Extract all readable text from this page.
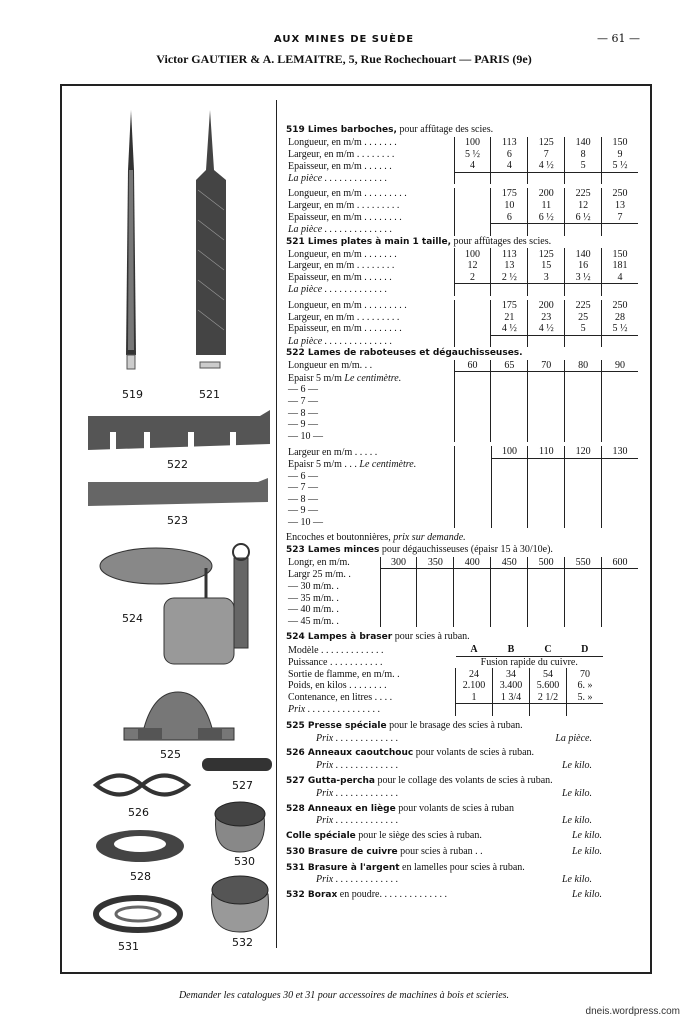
AUX MINES DE SUÈDE	— 61 —
Victor GAUTIER & A. LEMAITRE, 5, Rue Rochechouart — PARIS (9e)
519	521
522
523
524
525
527
526
530
528
531	532
519 Limes barboches, pour affûtage des scies.
Longueur, en m/m . . . . . . .	100	113	125	140	150
Largeur, en m/m . . . . . . . .	5 ½	6	7	8	9
Epaisseur, en m/m . . . . . .	4	4	4 ½	5	5 ½
La pièce . . . . . . . . . . . . .					
Longueur, en m/m . . . . . . . . .		175	200	225	250
Largeur, en m/m . . . . . . . . .		10	11	12	13
Epaisseur, en m/m . . . . . . . .		6	6 ½	6 ½	7
La pièce . . . . . . . . . . . . . .					
521 Limes plates à main 1 taille, pour affûtages des scies.
Longueur, en m/m . . . . . . .	100	113	125	140	150
Largeur, en m/m . . . . . . . .	12	13	15	16	181
Epaisseur, en m/m . . . . . .	2	2 ½	3	3 ½	4
La pièce . . . . . . . . . . . . .					
Longueur, en m/m . . . . . . . . .		175	200	225	250
Largeur, en m/m . . . . . . . . .		21	23	25	28
Epaisseur, en m/m . . . . . . . .		4 ½	4 ½	5	5 ½
La pièce . . . . . . . . . . . . . .					
522 Lames de raboteuses et dégauchisseuses.
Longueur en m/m. . .	60	65	70	80	90
Epaisr 5 m/m Le centimètre.					
— 6 —					
— 7 —					
— 8 —					
— 9 —					
— 10 —					
Largeur en m/m . . . . .		100	110	120	130
Epaisr 5 m/m . . . Le centimètre.					
— 6 —					
— 7 —					
— 8 —					
— 9 —					
— 10 —					
Encoches et boutonnières, prix sur demande.
523 Lames minces pour dégauchisseuses (épaisr 15 à 30/10e).
Longr, en m/m.	300	350	400	450	500	550	600
Largr 25 m/m. .							
— 30 m/m. .							
— 35 m/m. .							
— 40 m/m. .							
— 45 m/m. .							
524 Lampes à braser pour scies à ruban.
Modèle . . . . . . . . . . . . .	A	B	C	D
Puissance . . . . . . . . . . .	Fusion rapide du cuivre.			
Sortie de flamme, en m/m. .	24	34	54	70
Poids, en kilos . . . . . . . .	2.100	3.400	5.600	6. »
Contenance, en litres . . . .	1	1 3/4	2 1/2	5. »
Prix . . . . . . . . . . . . . . .				
525 Presse spéciale pour le brasage des scies à ruban.
Prix . . . . . . . . . . . . .	La pièce.
526 Anneaux caoutchouc pour volants de scies à ruban.
Prix . . . . . . . . . . . . .	Le kilo.
527 Gutta-percha pour le collage des volants de scies à ruban.
Prix . . . . . . . . . . . . .	Le kilo.
528 Anneaux en liège pour volants de scies à ruban
Prix . . . . . . . . . . . . .	Le kilo.
Colle spéciale pour le siège des scies à ruban.	Le kilo.
530 Brasure de cuivre pour scies à ruban . .	Le kilo.
531 Brasure à l'argent en lamelles pour scies à ruban.
Prix . . . . . . . . . . . . .	Le kilo.
532 Borax en poudre. . . . . . . . . . . . . .	Le kilo.
Demander les catalogues 30 et 31 pour accessoires de machines à bois et scieries.
dneis.wordpress.com
